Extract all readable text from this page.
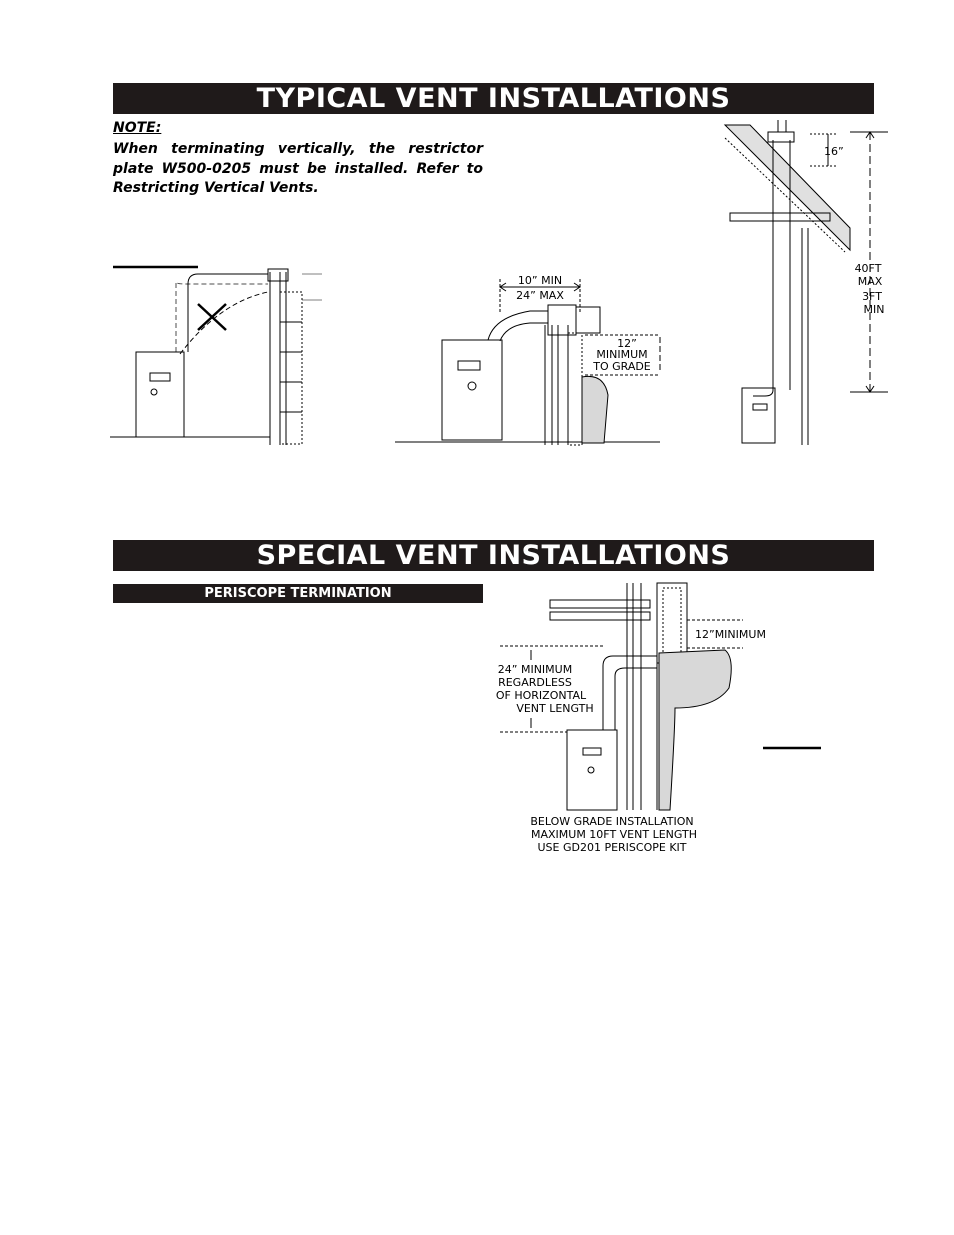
TYPICAL VENT INSTALLATIONS
NOTE:
When terminating vertically, the restrictor plate W500-0205 must be installed. Refer to Restricting Vertical Vents.
10” MIN
24” MAX
12”
MINIMUM
TO GRADE
16”
40FT
MAX
3FT
MIN
SPECIAL VENT INSTALLATIONS
PERISCOPE TERMINATION
12”MINIMUM
24” MINIMUM
REGARDLESS
OF HORIZONTAL
VENT LENGTH
BELOW GRADE INSTALLATION
MAXIMUM 10FT VENT LENGTH
USE GD201 PERISCOPE KIT
